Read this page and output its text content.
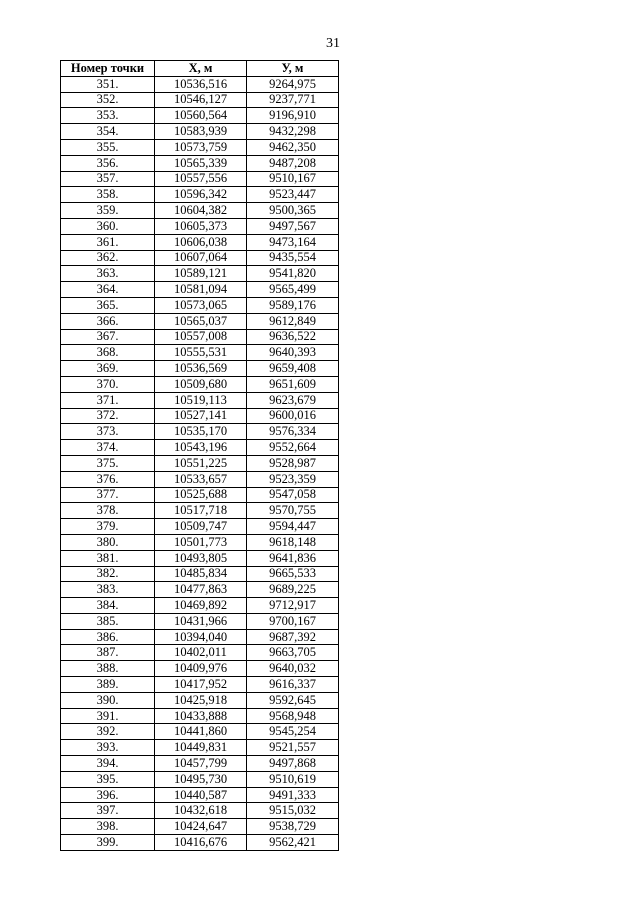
31
Номер точки	X, м	У, м
351.	10536,516	9264,975
352.	10546,127	9237,771
353.	10560,564	9196,910
354.	10583,939	9432,298
355.	10573,759	9462,350
356.	10565,339	9487,208
357.	10557,556	9510,167
358.	10596,342	9523,447
359.	10604,382	9500,365
360.	10605,373	9497,567
361.	10606,038	9473,164
362.	10607,064	9435,554
363.	10589,121	9541,820
364.	10581,094	9565,499
365.	10573,065	9589,176
366.	10565,037	9612,849
367.	10557,008	9636,522
368.	10555,531	9640,393
369.	10536,569	9659,408
370.	10509,680	9651,609
371.	10519,113	9623,679
372.	10527,141	9600,016
373.	10535,170	9576,334
374.	10543,196	9552,664
375.	10551,225	9528,987
376.	10533,657	9523,359
377.	10525,688	9547,058
378.	10517,718	9570,755
379.	10509,747	9594,447
380.	10501,773	9618,148
381.	10493,805	9641,836
382.	10485,834	9665,533
383.	10477,863	9689,225
384.	10469,892	9712,917
385.	10431,966	9700,167
386.	10394,040	9687,392
387.	10402,011	9663,705
388.	10409,976	9640,032
389.	10417,952	9616,337
390.	10425,918	9592,645
391.	10433,888	9568,948
392.	10441,860	9545,254
393.	10449,831	9521,557
394.	10457,799	9497,868
395.	10495,730	9510,619
396.	10440,587	9491,333
397.	10432,618	9515,032
398.	10424,647	9538,729
399.	10416,676	9562,421
